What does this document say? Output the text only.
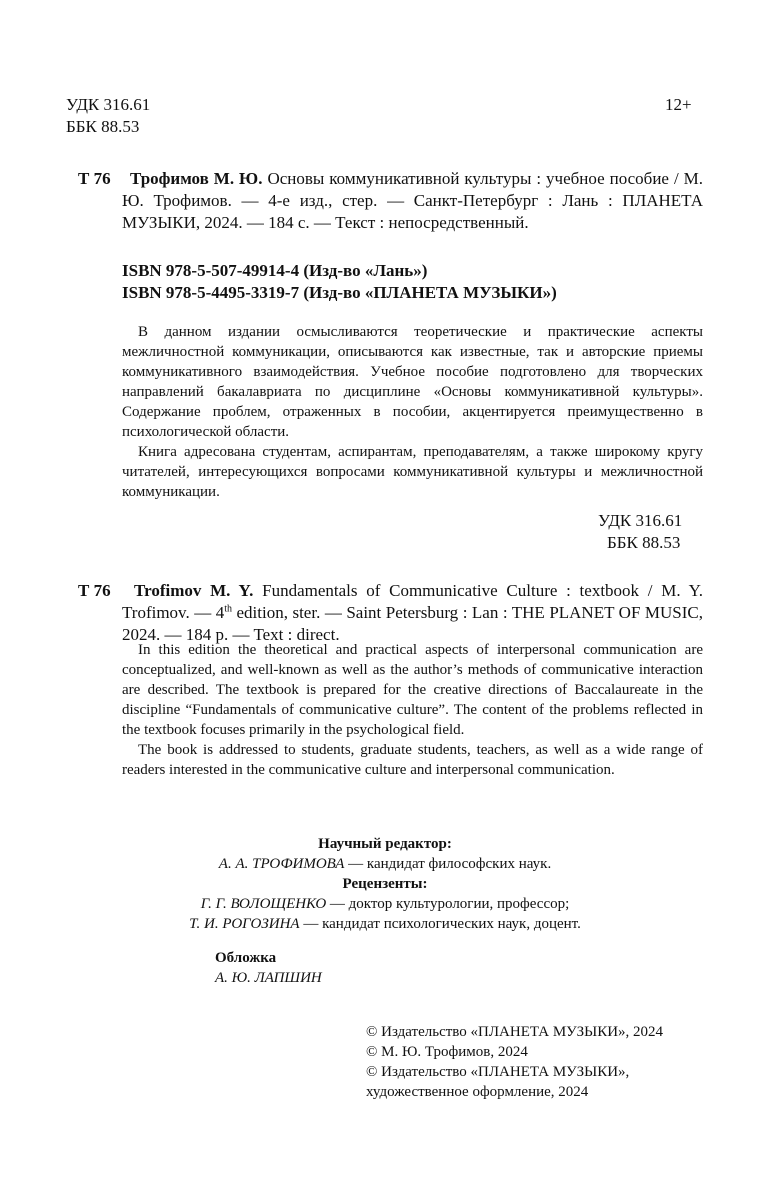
УДК 316.61
ББК 88.53
12+
Т 76	Трофимов М. Ю. Основы коммуникативной культуры : учебное пособие / М. Ю. Трофимов. — 4-е изд., стер. — Санкт-Петербург : Лань : ПЛАНЕТА МУЗЫКИ, 2024. — 184 с. — Текст : непосредственный.
ISBN 978-5-507-49914-4 (Изд-во «Лань»)
ISBN 978-5-4495-3319-7 (Изд-во «ПЛАНЕТА МУЗЫКИ»)

В данном издании осмысливаются теоретические и практические аспекты межличностной коммуникации, описываются как известные, так и авторские приемы коммуникативного взаимодействия. Учебное пособие подготовлено для творческих направлений бакалавриата по дисциплине «Основы коммуникативной культуры». Содержание проблем, отраженных в пособии, акцентируется преимущественно в психологической области.

Книга адресована студентам, аспирантам, преподавателям, а также широкому кругу читателей, интересующихся вопросами коммуникативной культуры и межличностной коммуникации.

УДК 316.61
ББК 88.53
Т 76	Trofimov M. Y. Fundamentals of Communicative Culture : textbook / M. Y. Trofimov. — 4th edition, ster. — Saint Petersburg : Lan : THE PLANET OF MUSIC, 2024. — 184 p. — Text : direct.

In this edition the theoretical and practical aspects of interpersonal communication are conceptualized, and well-known as well as the author’s methods of communicative interaction are described. The textbook is prepared for the creative directions of Baccalaureate in the discipline “Fundamentals of communicative culture”. The content of the problems reflected in the textbook focuses primarily in the psychological field.

The book is addressed to students, graduate students, teachers, as well as a wide range of readers interested in the communicative culture and interpersonal communication.

Научный редактор:
А. А. ТРОФИМОВА — кандидат философских наук.
Рецензенты:
Г. Г. ВОЛОЩЕНКО — доктор культурологии, профессор;
Т. И. РОГОЗИНА — кандидат психологических наук, доцент.
Обложка
А. Ю. ЛАПШИН
© Издательство «ПЛАНЕТА МУЗЫКИ», 2024
© М. Ю. Трофимов, 2024
© Издательство «ПЛАНЕТА МУЗЫКИ»,
художественное оформление, 2024
